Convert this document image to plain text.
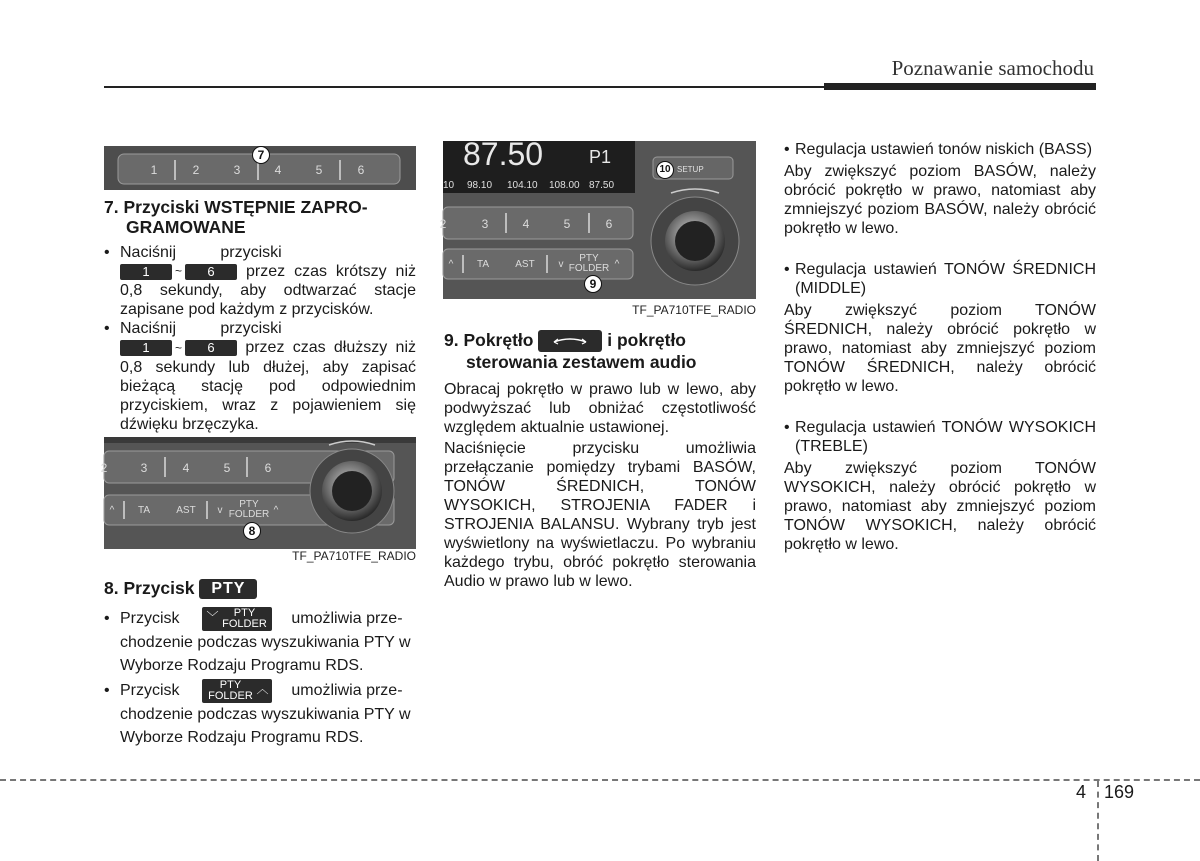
Poznawanie samochodu
1	2	3	4	5	6
7
7. Przyciski WSTĘPNIE ZAPRO-
GRAMOWANE

• Naciśnij przyciski
1	~	6	przez czas krótszy niż 0,8 sekundy, aby odtwarzać stacje zapisane pod każdym z przycisków.

• Naciśnij przyciski
1	~	6	przez czas dłuższy niż 0,8 sekundy lub dłużej, aby zapisać bieżącą stację pod odpowiednim przyciskiem, wraz z pojawieniem się dźwięku brzęczyka.

2	3	4	5	6
^ TA	AST v
PTY
FOLDER ^
8
TF_PA710TFE_RADIO
8. Przycisk PTY

• Przycisk ﹀	PTY
FOLDER	umożliwia prze- chodzenie podczas wyszukiwania PTY w Wyborze Rodzaju Programu RDS.

• Przycisk	PTY
FOLDER ︿ umożliwia prze- chodzenie podczas wyszukiwania PTY w Wyborze Rodzaju Programu RDS.

87.50	P1
10 98.10 104.10 108.00 87.50
SETUP
2	3	4	5	6
^ TA	AST v
PTY
FOLDER ^
9
10
TF_PA710TFE_RADIO
9. Pokrętło	i pokrętło
sterowania zestawem audio

Obracaj pokrętło w prawo lub w lewo, aby podwyższać lub obniżać częstotliwość względem aktualnie ustawionej.

Naciśnięcie przycisku umożliwia przełączanie pomiędzy trybami BASÓW, TONÓW ŚREDNICH, TONÓW WYSOKICH, STROJENIA FADER i STROJENIA BALANSU. Wybrany tryb jest wyświetlony na wyświetlaczu. Po wybraniu każdego trybu, obróć pokrętło sterowania Audio w prawo lub w lewo.

• Regulacja ustawień tonów niskich (BASS)

Aby zwiększyć poziom BASÓW, należy obrócić pokrętło w prawo, natomiast aby zmniejszyć poziom BASÓW, należy obrócić pokrętło w lewo.

• Regulacja ustawień TONÓW ŚREDNICH (MIDDLE)

Aby zwiększyć poziom TONÓW ŚREDNICH, należy obrócić pokrętło w prawo, natomiast aby zmniejszyć poziom TONÓW ŚREDNICH, należy obrócić pokrętło w lewo.

• Regulacja ustawień TONÓW WYSOKICH (TREBLE)

Aby zwiększyć poziom TONÓW WYSOKICH, należy obrócić pokrętło w prawo, natomiast aby zmniejszyć poziom TONÓW WYSOKICH, należy obrócić pokrętło w lewo.

4 169
